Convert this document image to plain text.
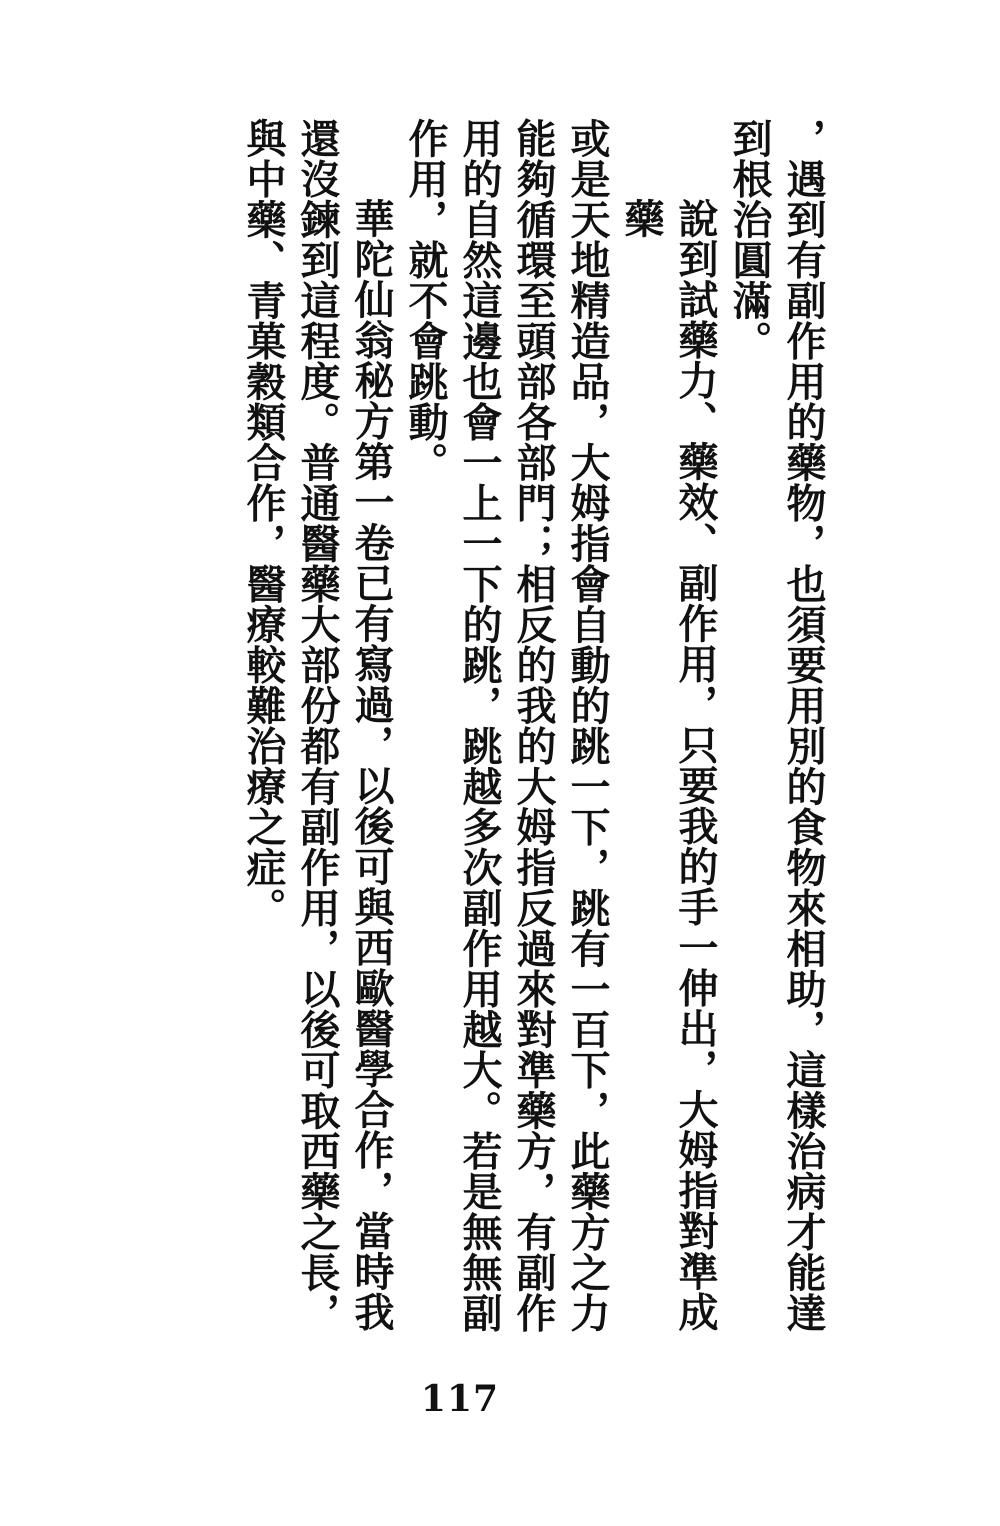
，遇到有副作用的藥物，也須要用別的食物來相助，這樣治病才能達

到根治圓滿。

說到試藥力、藥效、副作用，只要我的手一伸出，大姆指對準成藥

或是天地精造品，大姆指會自動的跳一下，跳有一百下，此藥方之力

能夠循環至頭部各部門；相反的我的大姆指反過來對準藥方，有副作

用的自然這邊也會一上一下的跳，跳越多次副作用越大。若是無無副

作用，就不會跳動。

華陀仙翁秘方第一卷已有寫過，以後可與西歐醫學合作，當時我

還沒鍊到這程度。普通醫藥大部份都有副作用，以後可取西藥之長，

與中藥、青菓穀類合作，醫療較難治療之症。

117
